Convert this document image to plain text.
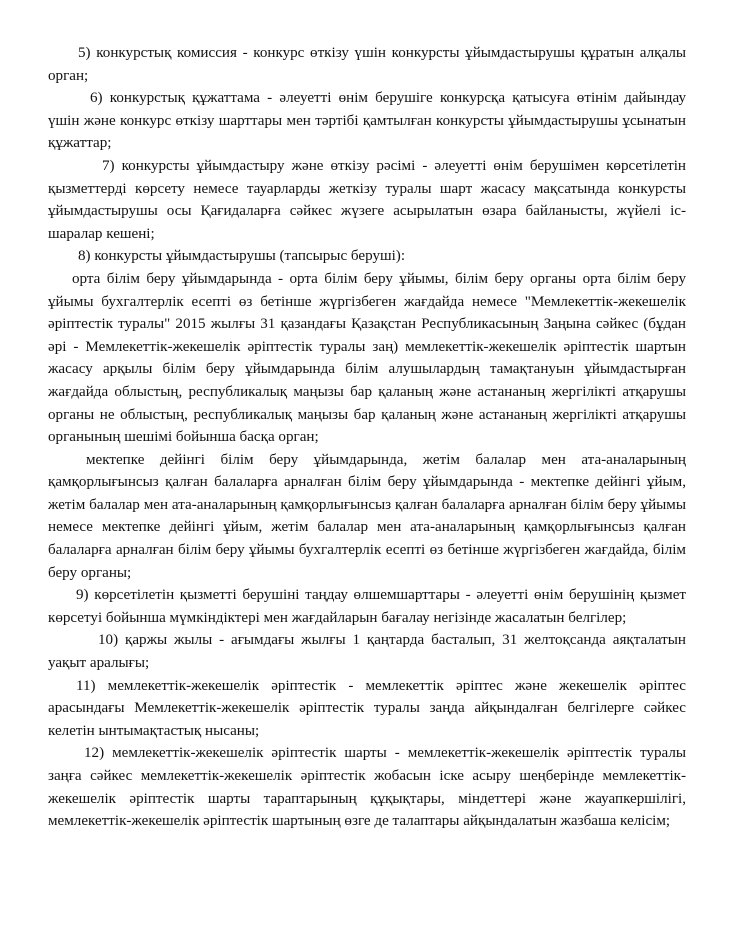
5) конкурстық комиссия - конкурс өткізу үшін конкурсты ұйымдастырушы құратын алқалы орган;

6) конкурстық құжаттама - әлеуетті өнім берушіге конкурсқа қатысуға өтінім дайындау үшін және конкурс өткізу шарттары мен тәртібі қамтылған конкурсты ұйымдастырушы ұсынатын құжаттар;

7) конкурсты ұйымдастыру және өткізу рәсімі - әлеуетті өнім берушімен көрсетілетін қызметтерді көрсету немесе тауарларды жеткізу туралы шарт жасасу мақсатында конкурсты ұйымдастырушы осы Қағидаларға сәйкес жүзеге асырылатын өзара байланысты, жүйелі іс-шаралар кешені;

8) конкурсты ұйымдастырушы (тапсырыс беруші):

орта білім беру ұйымдарында - орта білім беру ұйымы, білім беру органы орта білім беру ұйымы бухгалтерлік есепті өз бетінше жүргізбеген жағдайда немесе "Мемлекеттік-жекешелік әріптестік туралы" 2015 жылғы 31 қазандағы Қазақстан Республикасының Заңына сәйкес (бұдан әрі - Мемлекеттік-жекешелік әріптестік туралы заң) мемлекеттік-жекешелік әріптестік шартын жасасу арқылы білім беру ұйымдарында білім алушылардың тамақтануын ұйымдастырған жағдайда облыстың, республикалық маңызы бар қаланың және астананың жергілікті атқарушы органы не облыстың, республикалық маңызы бар қаланың және астананың жергілікті атқарушы органының шешімі бойынша басқа орган;

мектепке дейінгі білім беру ұйымдарында, жетім балалар мен ата-аналарының қамқорлығынсыз қалған балаларға арналған білім беру ұйымдарында - мектепке дейінгі ұйым, жетім балалар мен ата-аналарының қамқорлығынсыз қалған балаларға арналған білім беру ұйымы немесе мектепке дейінгі ұйым, жетім балалар мен ата-аналарының қамқорлығынсыз қалған балаларға арналған білім беру ұйымы бухгалтерлік есепті өз бетінше жүргізбеген жағдайда, білім беру органы;

9) көрсетілетін қызметті берушіні таңдау өлшемшарттары - әлеуетті өнім берушінің қызмет көрсетуі бойынша мүмкіндіктері мен жағдайларын бағалау негізінде жасалатын белгілер;

10) қаржы жылы - ағымдағы жылғы 1 қаңтарда басталып, 31 желтоқсанда аяқталатын уақыт аралығы;

11) мемлекеттік-жекешелік әріптестік - мемлекеттік әріптес және жекешелік әріптес арасындағы Мемлекеттік-жекешелік әріптестік туралы заңда айқындалған белгілерге сәйкес келетін ынтымақтастық нысаны;

12) мемлекеттік-жекешелік әріптестік шарты - мемлекеттік-жекешелік әріптестік туралы заңға сәйкес мемлекеттік-жекешелік әріптестік жобасын іске асыру шеңберінде мемлекеттік-жекешелік әріптестік шарты тараптарының құқықтары, міндеттері және жауапкершілігі, мемлекеттік-жекешелік әріптестік шартының өзге де талаптары айқындалатын жазбаша келісім;
